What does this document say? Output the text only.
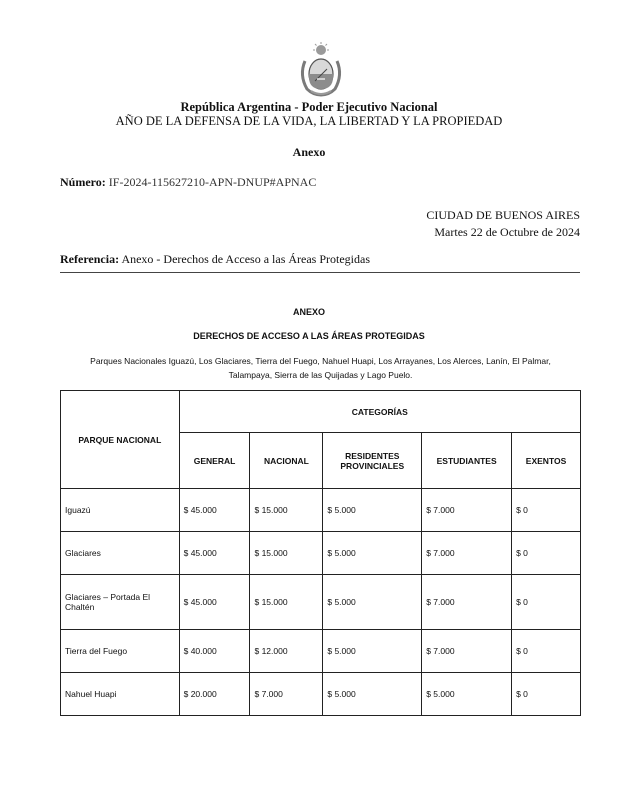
República Argentina - Poder Ejecutivo Nacional
AÑO DE LA DEFENSA DE LA VIDA, LA LIBERTAD Y LA PROPIEDAD
Anexo
Número: IF-2024-115627210-APN-DNUP#APNAC
CIUDAD DE BUENOS AIRES
Martes 22 de Octubre de 2024
Referencia: Anexo - Derechos de Acceso a las Áreas Protegidas
ANEXO
DERECHOS DE ACCESO A LAS ÁREAS PROTEGIDAS
Parques Nacionales Iguazú, Los Glaciares, Tierra del Fuego, Nahuel Huapi, Los Arrayanes, Los Alerces, Lanín, El Palmar, Talampaya, Sierra de las Quijadas y Lago Puelo.
PARQUE NACIONAL	CATEGORÍAS				
	GENERAL	NACIONAL	RESIDENTES PROVINCIALES	ESTUDIANTES	EXENTOS
Iguazú	$ 45.000	$ 15.000	$ 5.000	$ 7.000	$ 0
Glaciares	$ 45.000	$ 15.000	$ 5.000	$ 7.000	$ 0
Glaciares – Portada El Chaltén	$ 45.000	$ 15.000	$ 5.000	$ 7.000	$ 0
Tierra del Fuego	$ 40.000	$ 12.000	$ 5.000	$ 7.000	$ 0
Nahuel Huapi	$ 20.000	$ 7.000	$ 5.000	$ 5.000	$ 0
